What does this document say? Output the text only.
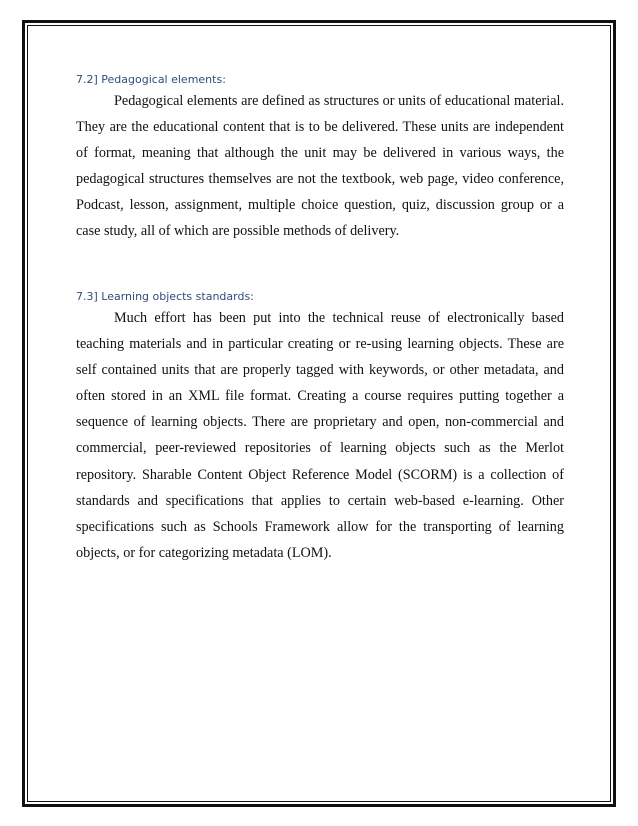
7.2] Pedagogical elements:

Pedagogical elements are defined as structures or units of educational material. They are the educational content that is to be delivered. These units are independent of format, meaning that although the unit may be delivered in various ways, the pedagogical structures themselves are not the textbook, web page, video conference, Podcast, lesson, assignment, multiple choice question, quiz, discussion group or a case study, all of which are possible methods of delivery.

7.3] Learning objects standards:

Much effort has been put into the technical reuse of electronically based teaching materials and in particular creating or re-using learning objects. These are self contained units that are properly tagged with keywords, or other metadata, and often stored in an XML file format. Creating a course requires putting together a sequence of learning objects. There are proprietary and open, non-commercial and commercial, peer-reviewed repositories of learning objects such as the Merlot repository. Sharable Content Object Reference Model (SCORM) is a collection of standards and specifications that applies to certain web-based e-learning. Other specifications such as Schools Framework allow for the transporting of learning objects, or for categorizing metadata (LOM).
